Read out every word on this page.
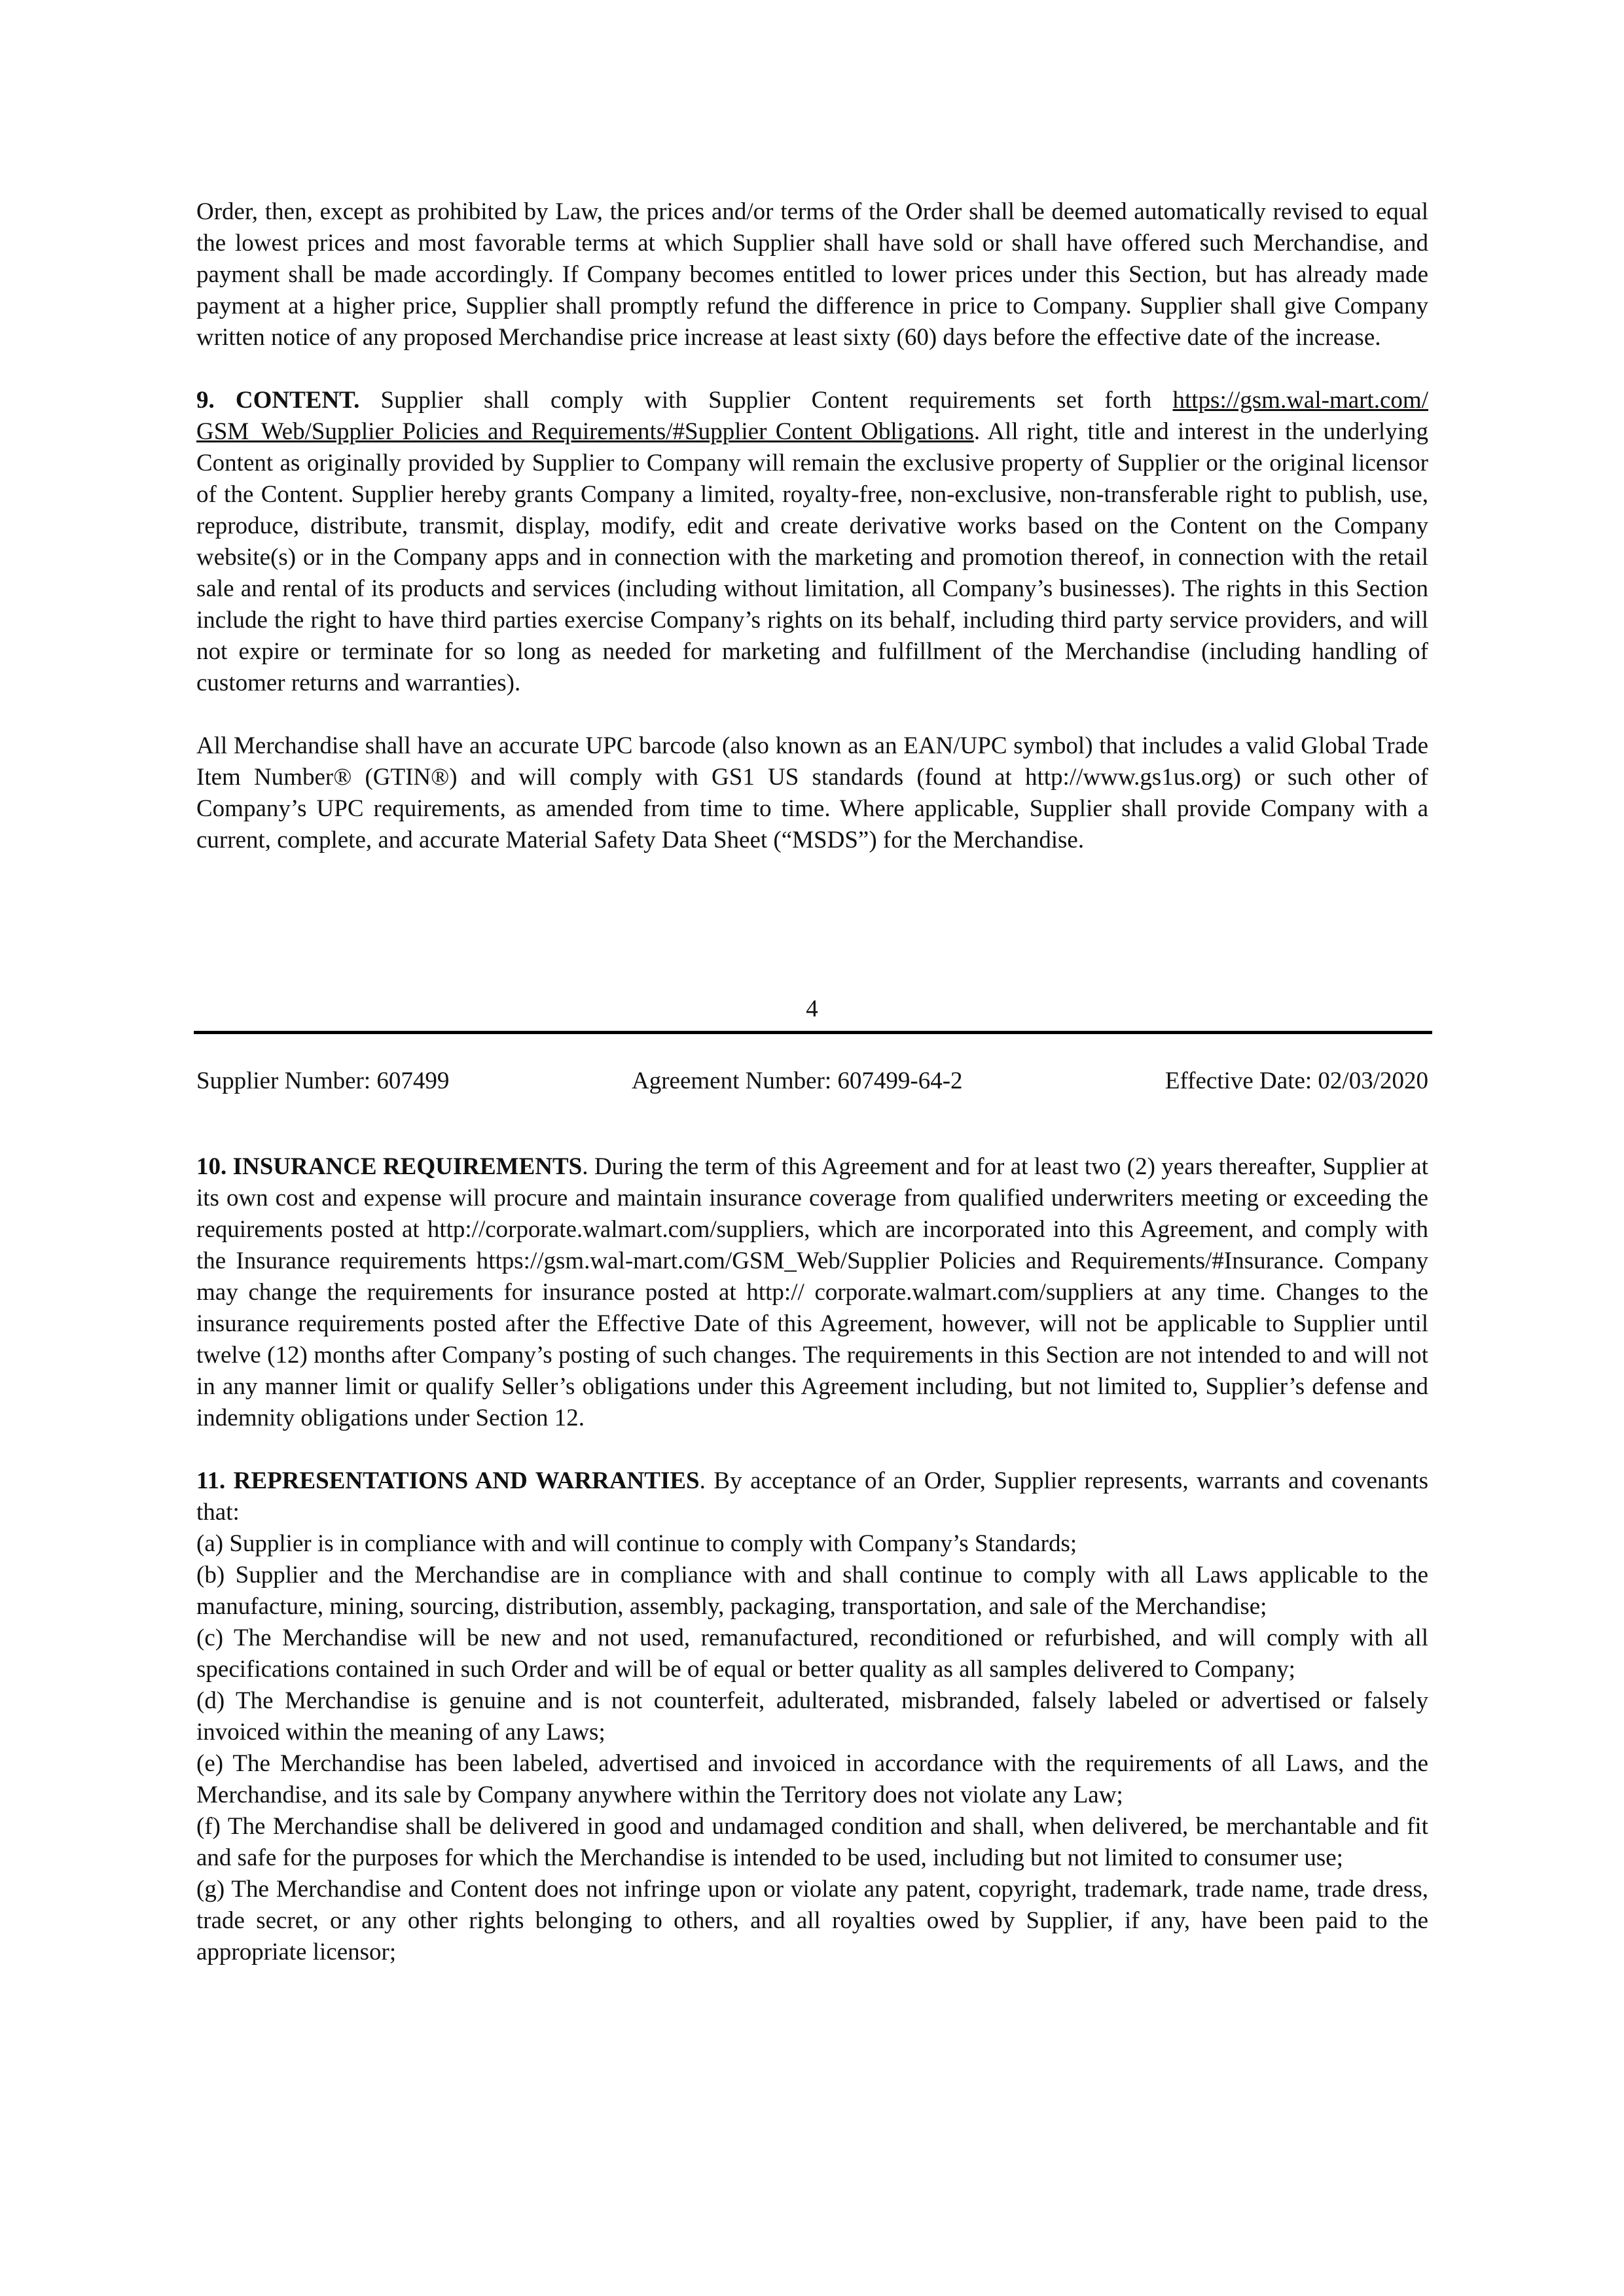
Order, then, except as prohibited by Law, the prices and/or terms of the Order shall be deemed automatically revised to equal the lowest prices and most favorable terms at which Supplier shall have sold or shall have offered such Merchandise, and payment shall be made accordingly. If Company becomes entitled to lower prices under this Section, but has already made payment at a higher price, Supplier shall promptly refund the difference in price to Company. Supplier shall give Company written notice of any proposed Merchandise price increase at least sixty (60) days before the effective date of the increase.

9. CONTENT. Supplier shall comply with Supplier Content requirements set forth https://gsm.wal-mart.com/ GSM_Web/Supplier Policies and Requirements/#Supplier Content Obligations. All right, title and interest in the underlying Content as originally provided by Supplier to Company will remain the exclusive property of Supplier or the original licensor of the Content. Supplier hereby grants Company a limited, royalty-free, non-exclusive, non-transferable right to publish, use, reproduce, distribute, transmit, display, modify, edit and create derivative works based on the Content on the Company website(s) or in the Company apps and in connection with the marketing and promotion thereof, in connection with the retail sale and rental of its products and services (including without limitation, all Company’s businesses). The rights in this Section include the right to have third parties exercise Company’s rights on its behalf, including third party service providers, and will not expire or terminate for so long as needed for marketing and fulfillment of the Merchandise (including handling of customer returns and warranties).

All Merchandise shall have an accurate UPC barcode (also known as an EAN/UPC symbol) that includes a valid Global Trade Item Number® (GTIN®) and will comply with GS1 US standards (found at http://www.gs1us.org) or such other of Company’s UPC requirements, as amended from time to time. Where applicable, Supplier shall provide Company with a current, complete, and accurate Material Safety Data Sheet (“MSDS”) for the Merchandise.

4
Supplier Number: 607499	Agreement Number: 607499-64-2	Effective Date: 02/03/2020

10. INSURANCE REQUIREMENTS. During the term of this Agreement and for at least two (2) years thereafter, Supplier at its own cost and expense will procure and maintain insurance coverage from qualified underwriters meeting or exceeding the requirements posted at http://corporate.walmart.com/suppliers, which are incorporated into this Agreement, and comply with the Insurance requirements https://gsm.wal-mart.com/GSM_Web/Supplier Policies and Requirements/#Insurance. Company may change the requirements for insurance posted at http:// corporate.walmart.com/suppliers at any time. Changes to the insurance requirements posted after the Effective Date of this Agreement, however, will not be applicable to Supplier until twelve (12) months after Company’s posting of such changes. The requirements in this Section are not intended to and will not in any manner limit or qualify Seller’s obligations under this Agreement including, but not limited to, Supplier’s defense and indemnity obligations under Section 12.

11. REPRESENTATIONS AND WARRANTIES. By acceptance of an Order, Supplier represents, warrants and covenants that:

(a) Supplier is in compliance with and will continue to comply with Company’s Standards;

(b) Supplier and the Merchandise are in compliance with and shall continue to comply with all Laws applicable to the manufacture, mining, sourcing, distribution, assembly, packaging, transportation, and sale of the Merchandise;

(c) The Merchandise will be new and not used, remanufactured, reconditioned or refurbished, and will comply with all specifications contained in such Order and will be of equal or better quality as all samples delivered to Company;

(d) The Merchandise is genuine and is not counterfeit, adulterated, misbranded, falsely labeled or advertised or falsely invoiced within the meaning of any Laws;

(e) The Merchandise has been labeled, advertised and invoiced in accordance with the requirements of all Laws, and the Merchandise, and its sale by Company anywhere within the Territory does not violate any Law;

(f) The Merchandise shall be delivered in good and undamaged condition and shall, when delivered, be merchantable and fit and safe for the purposes for which the Merchandise is intended to be used, including but not limited to consumer use;

(g) The Merchandise and Content does not infringe upon or violate any patent, copyright, trademark, trade name, trade dress, trade secret, or any other rights belonging to others, and all royalties owed by Supplier, if any, have been paid to the appropriate licensor;
